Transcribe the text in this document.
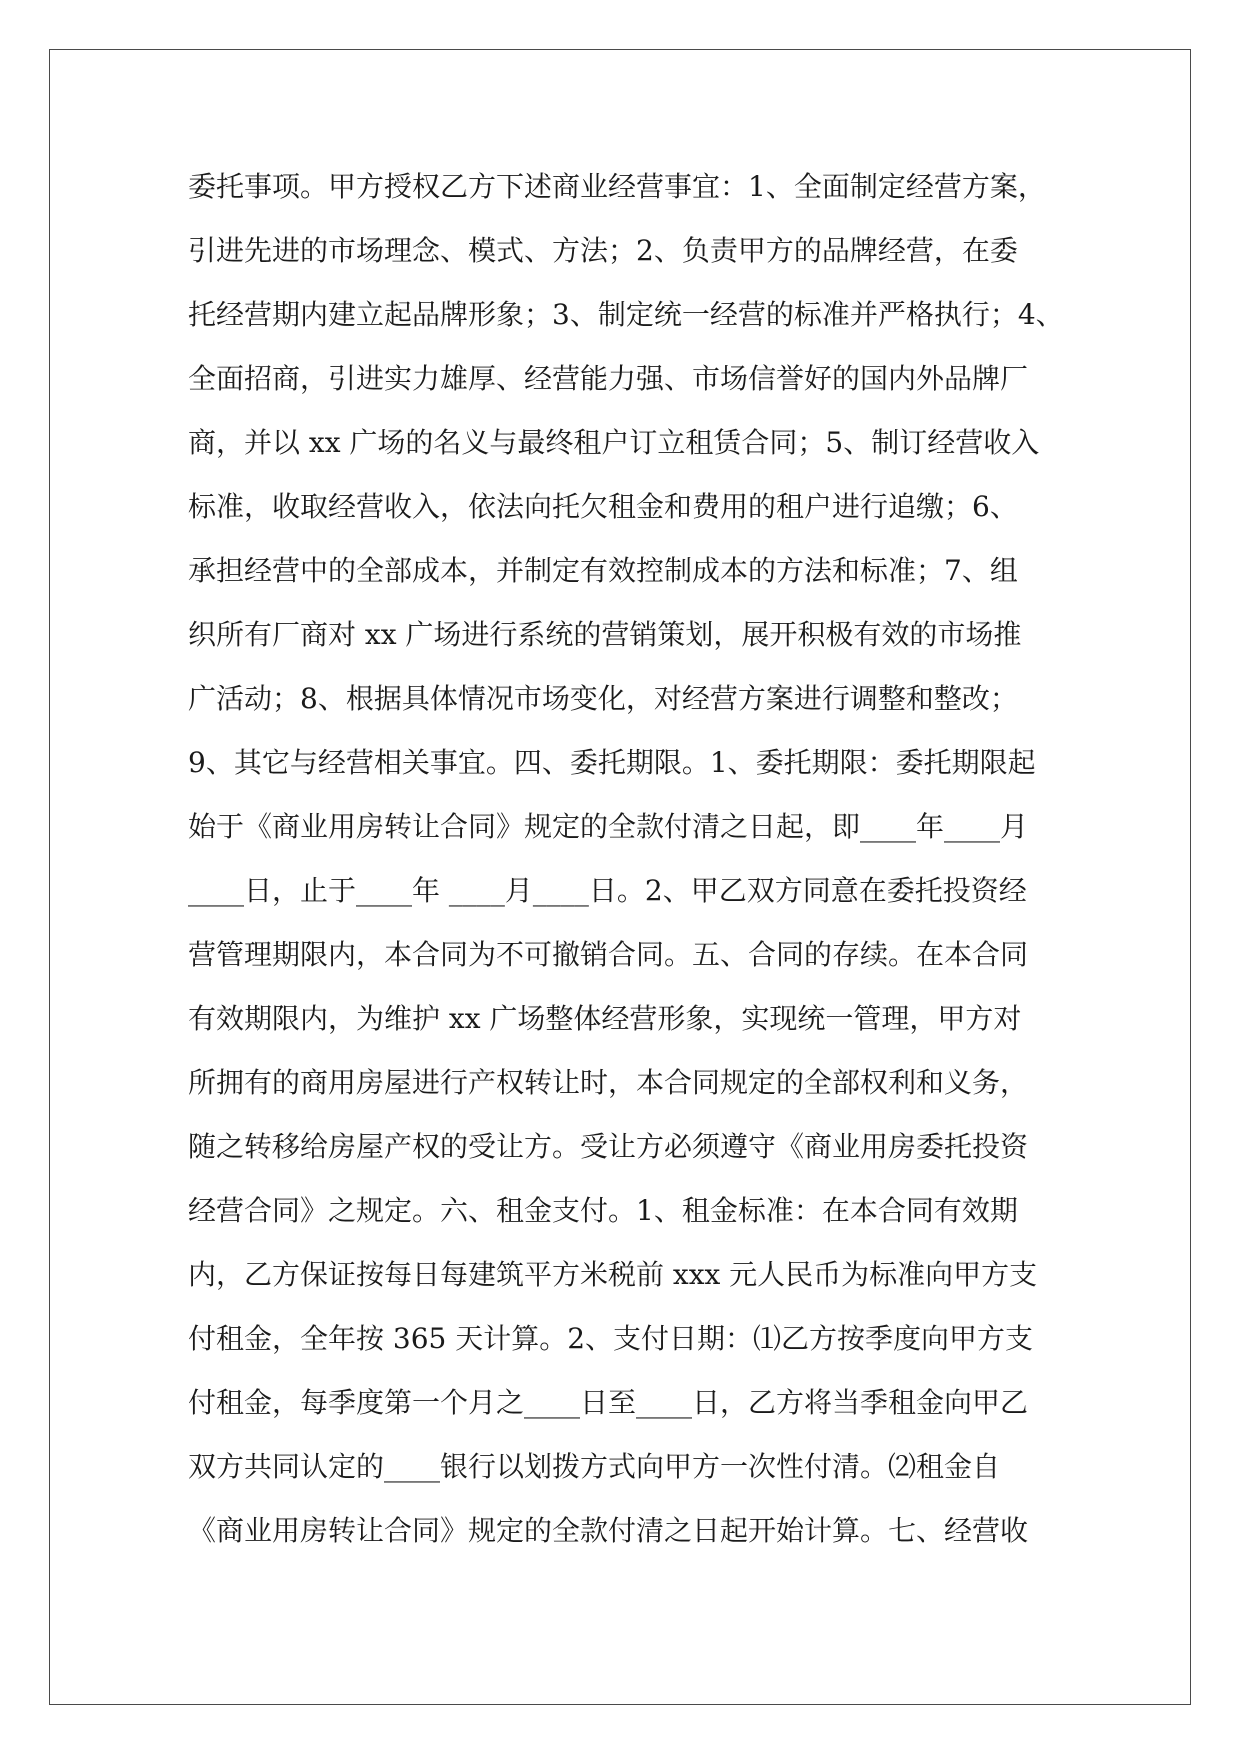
委托事项。甲方授权乙方下述商业经营事宜：1、全面制定经营方案，
引进先进的市场理念、模式、方法；2、负责甲方的品牌经营，在委
托经营期内建立起品牌形象；3、制定统一经营的标准并严格执行；4、
全面招商，引进实力雄厚、经营能力强、市场信誉好的国内外品牌厂
商，并以 xx 广场的名义与最终租户订立租赁合同；5、制订经营收入
标准，收取经营收入，依法向托欠租金和费用的租户进行追缴；6、
承担经营中的全部成本，并制定有效控制成本的方法和标准；7、组
织所有厂商对 xx 广场进行系统的营销策划，展开积极有效的市场推
广活动；8、根据具体情况市场变化，对经营方案进行调整和整改；
9、其它与经营相关事宜。四、委托期限。1、委托期限：委托期限起
始于《商业用房转让合同》规定的全款付清之日起，即____年____月
____日，止于____年 ____月____日。2、甲乙双方同意在委托投资经
营管理期限内，本合同为不可撤销合同。五、合同的存续。在本合同
有效期限内，为维护 xx 广场整体经营形象，实现统一管理，甲方对
所拥有的商用房屋进行产权转让时，本合同规定的全部权利和义务，
随之转移给房屋产权的受让方。受让方必须遵守《商业用房委托投资
经营合同》之规定。六、租金支付。1、租金标准：在本合同有效期
内，乙方保证按每日每建筑平方米税前 xxx 元人民币为标准向甲方支
付租金，全年按 365 天计算。2、支付日期：⑴乙方按季度向甲方支
付租金，每季度第一个月之____日至____日，乙方将当季租金向甲乙
双方共同认定的____银行以划拨方式向甲方一次性付清。⑵租金自
《商业用房转让合同》规定的全款付清之日起开始计算。七、经营收
